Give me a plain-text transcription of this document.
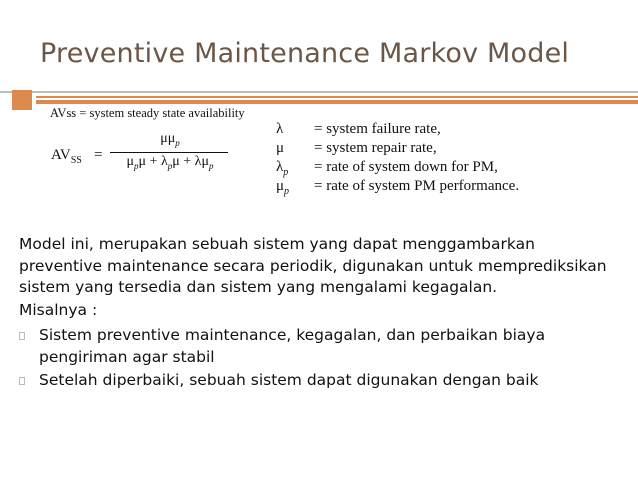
Preventive Maintenance Markov Model
AVss = system steady state availability
$AV_{SS}$ =
$\mu\mu_p$
$\mu_p\mu + \lambda_p\mu + \lambda\mu_p$
λ	= system failure rate,
μ	= system repair rate,
$\lambda_p$	= rate of system down for PM,
$\mu_p$	= rate of system PM performance.

Model ini, merupakan sebuah sistem yang dapat menggambarkan preventive maintenance secara periodik, digunakan untuk memprediksikan sistem yang tersedia dan sistem yang mengalami kegagalan.

Misalnya :

Sistem preventive maintenance, kegagalan, dan perbaikan biaya pengiriman agar stabil
Setelah diperbaiki, sebuah sistem dapat digunakan dengan baik
